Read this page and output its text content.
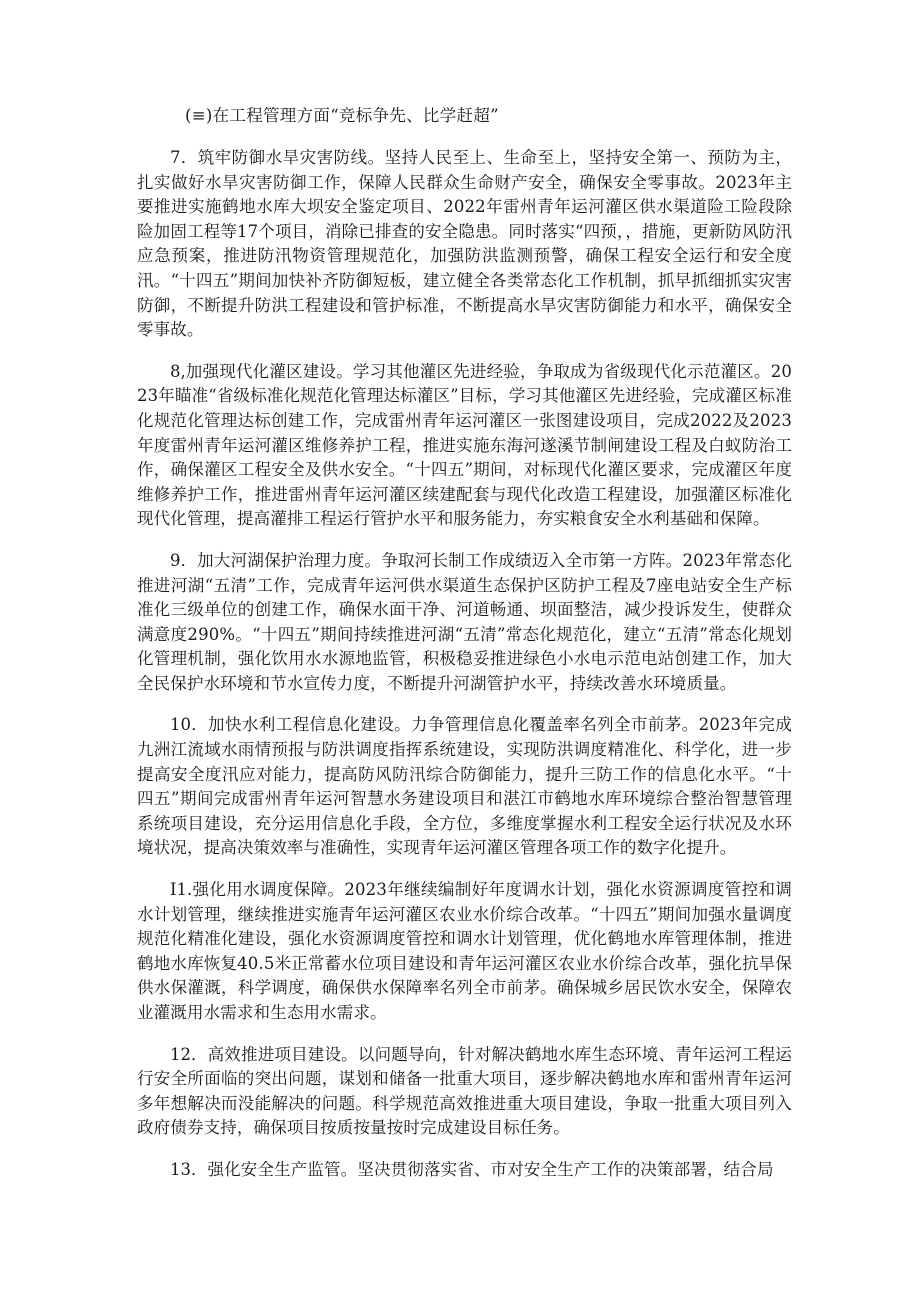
(≡)在工程管理方面“竞标争先、比学赶超”

7．筑牢防御水旱灾害防线。坚持人民至上、生命至上，坚持安全第一、预防为主，扎实做好水旱灾害防御工作，保障人民群众生命财产安全，确保安全零事故。2023年主要推进实施鹤地水库大坝安全鉴定项目、2022年雷州青年运河灌区供水渠道险工险段除险加固工程等17个项目，消除已排查的安全隐患。同时落实“四预，，措施，更新防风防汛应急预案，推进防汛物资管理规范化，加强防洪监测预警，确保工程安全运行和安全度汛。“十四五”期间加快补齐防御短板，建立健全各类常态化工作机制，抓早抓细抓实灾害防御，不断提升防洪工程建设和管护标准，不断提高水旱灾害防御能力和水平，确保安全零事故。

8,加强现代化灌区建设。学习其他灌区先进经验，争取成为省级现代化示范灌区。2023年瞄准“省级标准化规范化管理达标灌区”目标，学习其他灌区先进经验，完成灌区标准化规范化管理达标创建工作，完成雷州青年运河灌区一张图建设项目，完成2022及2023年度雷州青年运河灌区维修养护工程，推进实施东海河遂溪节制闸建设工程及白蚁防治工作，确保灌区工程安全及供水安全。“十四五”期间，对标现代化灌区要求，完成灌区年度维修养护工作，推进雷州青年运河灌区续建配套与现代化改造工程建设，加强灌区标准化现代化管理，提高灌排工程运行管护水平和服务能力，夯实粮食安全水利基础和保障。

9．加大河湖保护治理力度。争取河长制工作成绩迈入全市第一方阵。2023年常态化推进河湖“五清”工作，完成青年运河供水渠道生态保护区防护工程及7座电站安全生产标准化三级单位的创建工作，确保水面干净、河道畅通、坝面整洁，减少投诉发生，使群众满意度290%。“十四五”期间持续推进河湖“五清”常态化规范化，建立“五清”常态化规划化管理机制，强化饮用水水源地监管，积极稳妥推进绿色小水电示范电站创建工作，加大全民保护水环境和节水宣传力度，不断提升河湖管护水平，持续改善水环境质量。

10．加快水利工程信息化建设。力争管理信息化覆盖率名列全市前茅。2023年完成九洲江流域水雨情预报与防洪调度指挥系统建设，实现防洪调度精准化、科学化，进一步提高安全度汛应对能力，提高防风防汛综合防御能力，提升三防工作的信息化水平。“十四五”期间完成雷州青年运河智慧水务建设项目和湛江市鹤地水库环境综合整治智慧管理系统项目建设，充分运用信息化手段，全方位，多维度掌握水利工程安全运行状况及水环境状况，提高决策效率与准确性，实现青年运河灌区管理各项工作的数字化提升。

I1.强化用水调度保障。2023年继续编制好年度调水计划，强化水资源调度管控和调水计划管理，继续推进实施青年运河灌区农业水价综合改革。“十四五”期间加强水量调度规范化精准化建设，强化水资源调度管控和调水计划管理，优化鹤地水库管理体制，推进鹤地水库恢复40.5米正常蓄水位项目建设和青年运河灌区农业水价综合改革，强化抗旱保供水保灌溉，科学调度，确保供水保障率名列全市前茅。确保城乡居民饮水安全，保障农业灌溉用水需求和生态用水需求。

12．高效推进项目建设。以问题导向，针对解决鹤地水库生态环境、青年运河工程运行安全所面临的突出问题，谋划和储备一批重大项目，逐步解决鹤地水库和雷州青年运河多年想解决而没能解决的问题。科学规范高效推进重大项目建设，争取一批重大项目列入政府债券支持，确保项目按质按量按时完成建设目标任务。

13．强化安全生产监管。坚决贯彻落实省、市对安全生产工作的决策部署，结合局
